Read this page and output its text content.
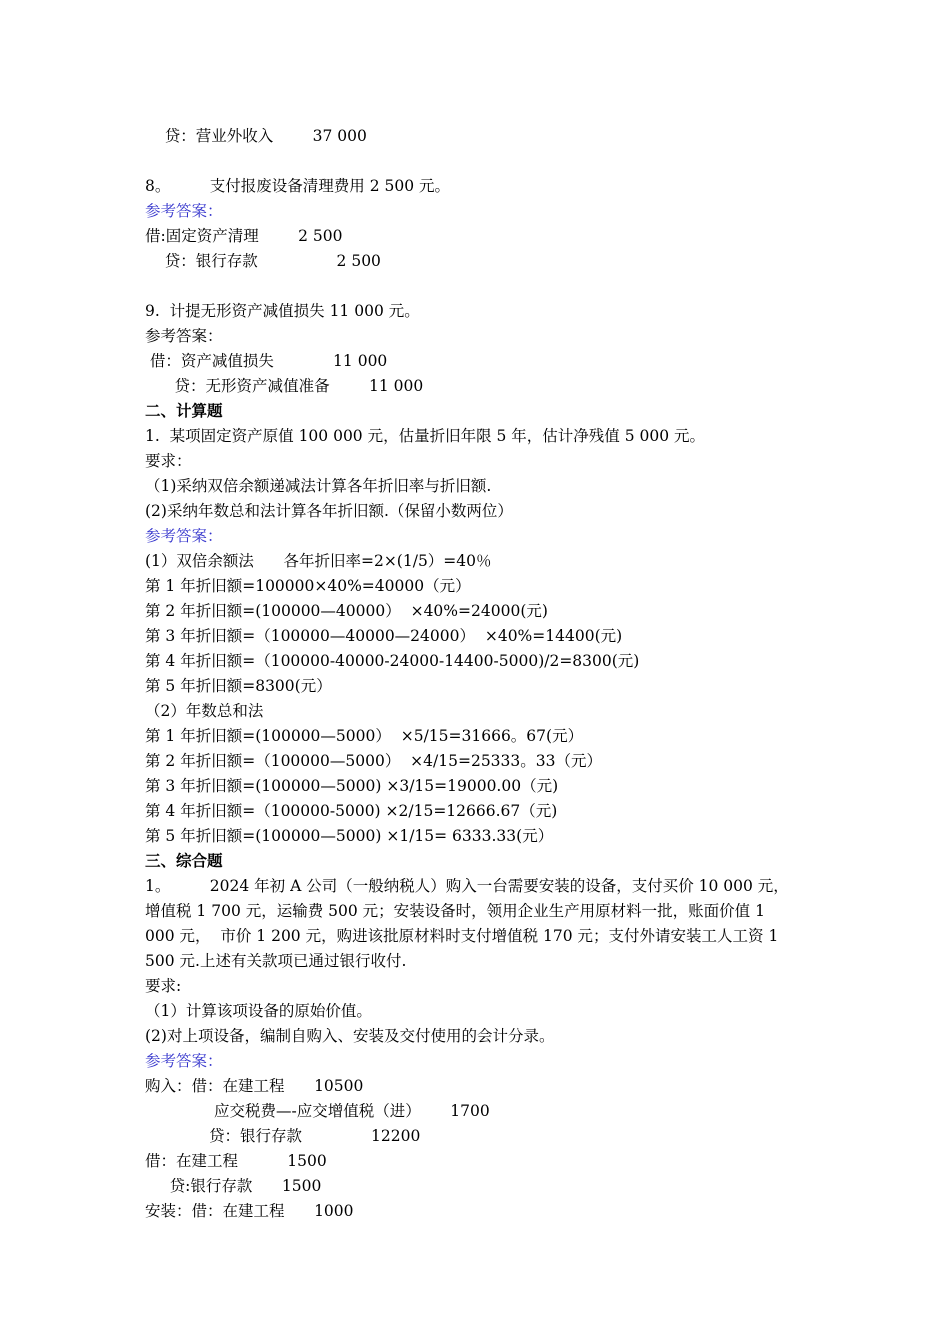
贷：营业外收入        37 000
8。        支付报废设备清理费用 2 500 元。
参考答案：
借:固定资产清理        2 500
贷：银行存款                2 500
9.  计提无形资产减值损失 11 000 元。
参考答案：
借：资产减值损失            11 000
贷：无形资产减值准备        11 000
二、计算题
1.  某项固定资产原值 100 000 元，估量折旧年限 5 年，估计净残值 5 000 元。
要求：
（1)采纳双倍余额递减法计算各年折旧率与折旧额.
(2)采纳年数总和法计算各年折旧额.（保留小数两位）
参考答案：
(1）双倍余额法      各年折旧率=2×(1/5）=40％
第 1 年折旧额=100000×40%=40000（元）
第 2 年折旧额=(100000—40000）  ×40%=24000(元)
第 3 年折旧额=（100000—40000—24000）  ×40%=14400(元)
第 4 年折旧额=（100000-40000-24000-14400-5000)/2=8300(元)
第 5 年折旧额=8300(元）
（2）年数总和法
第 1 年折旧额=(100000—5000）  ×5/15=31666。67(元）
第 2 年折旧额=（100000—5000）  ×4/15=25333。33（元）
第 3 年折旧额=(100000—5000) ×3/15=19000.00（元)
第 4 年折旧额=（100000-5000) ×2/15=12666.67（元)
第 5 年折旧额=(100000—5000) ×1/15= 6333.33(元）
三、综合题
1。        2024 年初 A 公司（一般纳税人）购入一台需要安装的设备，支付买价 10 000 元，
增值税 1 700 元，运输费 500 元；安装设备时，领用企业生产用原材料一批，账面价值 1
000 元，  市价 1 200 元，购进该批原材料时支付增值税 170 元；支付外请安装工人工资 1
500 元.上述有关款项已通过银行收付.
要求:
（1）计算该项设备的原始价值。
(2)对上项设备，编制自购入、安装及交付使用的会计分录。
参考答案：
购入：借：在建工程      10500
应交税费—-应交增值税（进）      1700
贷：银行存款              12200
借：在建工程          1500
贷:银行存款      1500
安装：借：在建工程      1000
